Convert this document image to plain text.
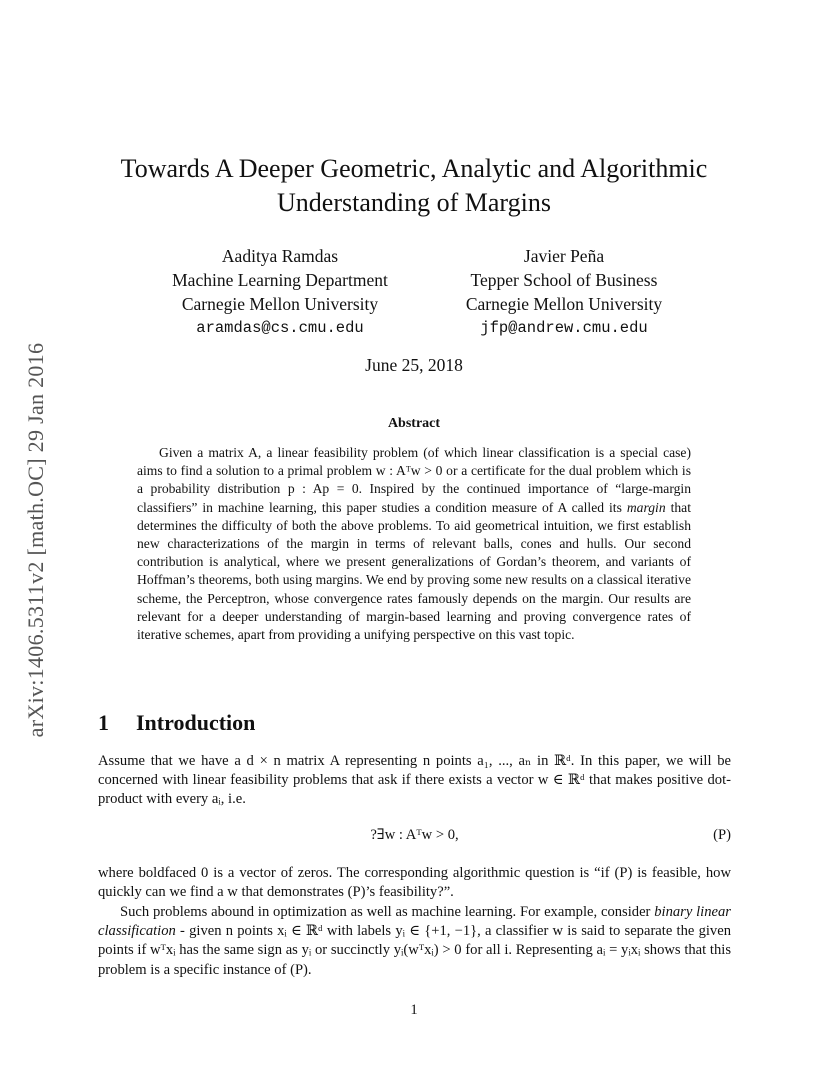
arXiv:1406.5311v2 [math.OC] 29 Jan 2016
Towards A Deeper Geometric, Analytic and Algorithmic
Understanding of Margins
Aaditya Ramdas
Machine Learning Department
Carnegie Mellon University
aramdas@cs.cmu.edu
Javier Peña
Tepper School of Business
Carnegie Mellon University
jfp@andrew.cmu.edu
June 25, 2018
Abstract

Given a matrix A, a linear feasibility problem (of which linear classification is a special case) aims to find a solution to a primal problem w : Aᵀw > 0 or a certificate for the dual problem which is a probability distribution p : Ap = 0. Inspired by the continued importance of “large-margin classifiers” in machine learning, this paper studies a condition measure of A called its margin that determines the difficulty of both the above problems. To aid geometrical intuition, we first establish new characterizations of the margin in terms of relevant balls, cones and hulls. Our second contribution is analytical, where we present generalizations of Gordan’s theorem, and variants of Hoffman’s theorems, both using margins. We end by proving some new results on a classical iterative scheme, the Perceptron, whose convergence rates famously depends on the margin. Our results are relevant for a deeper understanding of margin-based learning and proving convergence rates of iterative schemes, apart from providing a unifying perspective on this vast topic.

1 Introduction

Assume that we have a d × n matrix A representing n points a₁, ..., aₙ in ℝᵈ. In this paper, we will be concerned with linear feasibility problems that ask if there exists a vector w ∈ ℝᵈ that makes positive dot-product with every aᵢ, i.e.

?∃w : Aᵀw > 0,	(P)

where boldfaced 0 is a vector of zeros. The corresponding algorithmic question is “if (P) is feasible, how quickly can we find a w that demonstrates (P)’s feasibility?”.

Such problems abound in optimization as well as machine learning. For example, consider binary linear classification - given n points xᵢ ∈ ℝᵈ with labels yᵢ ∈ {+1, −1}, a classifier w is said to separate the given points if wᵀxᵢ has the same sign as yᵢ or succinctly yᵢ(wᵀxᵢ) > 0 for all i. Representing aᵢ = yᵢxᵢ shows that this problem is a specific instance of (P).

1
